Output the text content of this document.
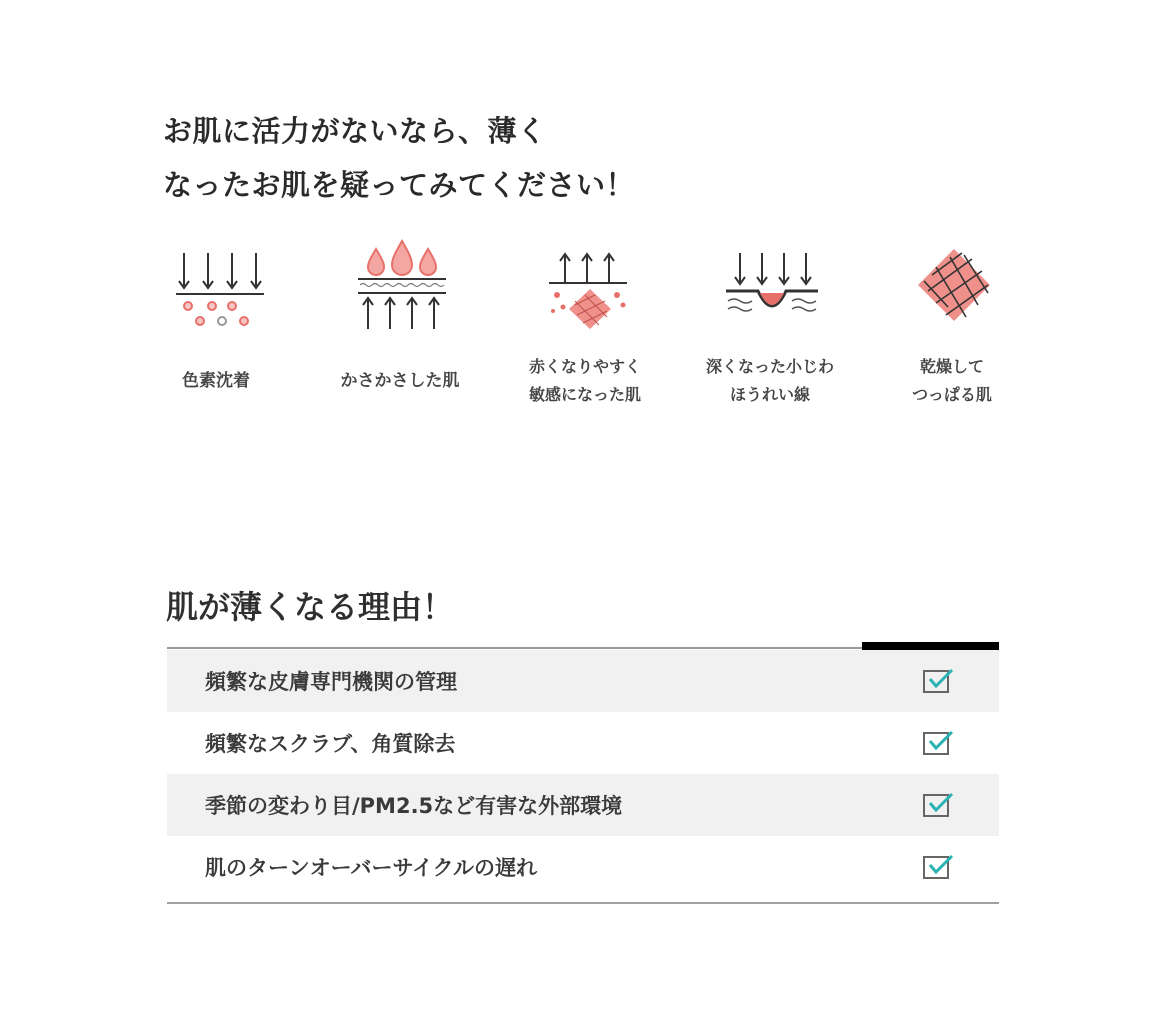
お肌に活力がないなら、薄く
なったお肌を疑ってみてください！
色素沈着	かさかさした肌
赤くなりやすく
敏感になった肌
深くなった小じわ
ほうれい線
乾燥して
つっぱる肌
肌が薄くなる理由！
頻繁な皮膚専門機関の管理
頻繁なスクラブ、角質除去
季節の変わり目/PM2.5など有害な外部環境
肌のターンオーバーサイクルの遅れ
